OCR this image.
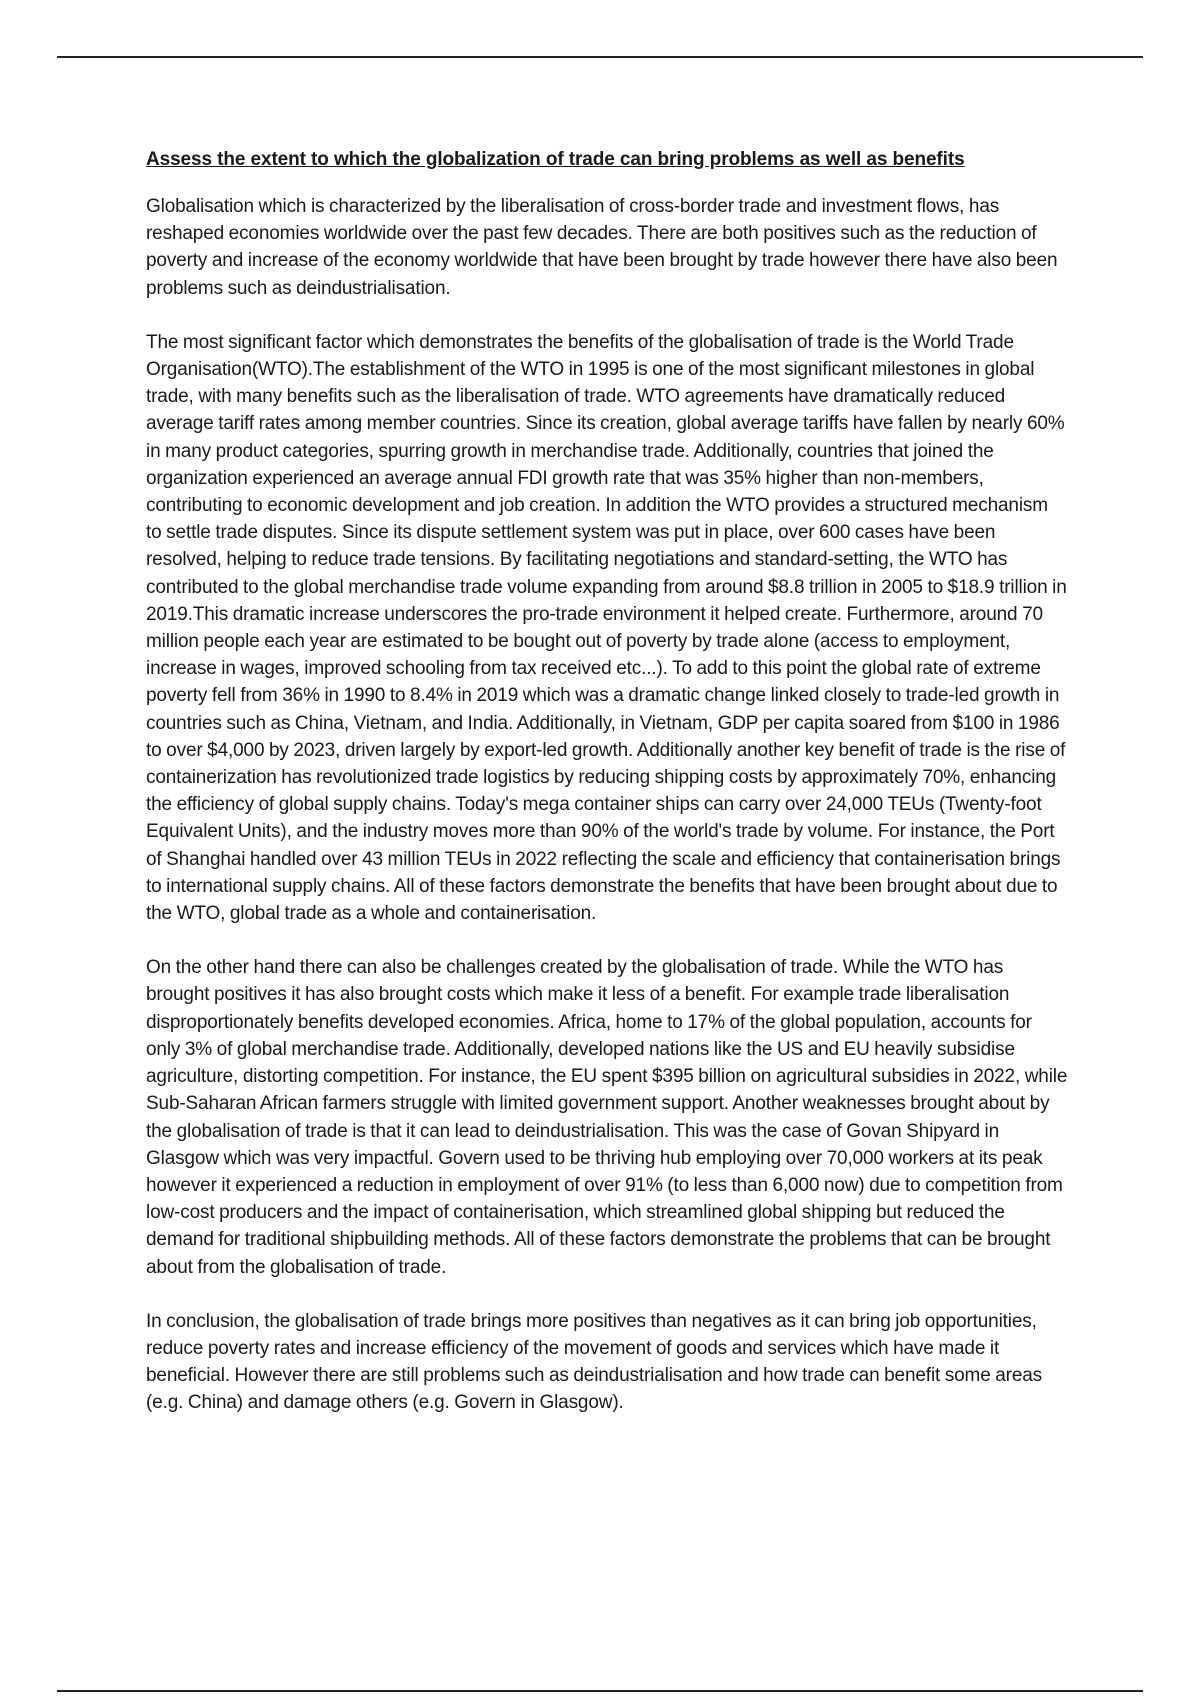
Assess the extent to which the globalization of trade can bring problems as well as benefits

Globalisation which is characterized by the liberalisation of cross-border trade and investment flows, has reshaped economies worldwide over the past few decades. There are both positives such as the reduction of poverty and increase of the economy worldwide that have been brought by trade however there have also been problems such as deindustrialisation.

The most significant factor which demonstrates the benefits of the globalisation of trade is the World Trade Organisation(WTO).The establishment of the WTO in 1995 is one of the most significant milestones in global trade, with many benefits such as the liberalisation of trade. WTO agreements have dramatically reduced average tariff rates among member countries. Since its creation, global average tariffs have fallen by nearly 60% in many product categories, spurring growth in merchandise trade. Additionally, countries that joined the organization experienced an average annual FDI growth rate that was 35% higher than non-members, contributing to economic development and job creation. In addition the WTO provides a structured mechanism to settle trade disputes. Since its dispute settlement system was put in place, over 600 cases have been resolved, helping to reduce trade tensions. By facilitating negotiations and standard-setting, the WTO has contributed to the global merchandise trade volume expanding from around $8.8 trillion in 2005 to $18.9 trillion in 2019.This dramatic increase underscores the pro-trade environment it helped create. Furthermore, around 70 million people each year are estimated to be bought out of poverty by trade alone (access to employment, increase in wages, improved schooling from tax received etc...). To add to this point the global rate of extreme poverty fell from 36% in 1990 to 8.4% in 2019 which was a dramatic change linked closely to trade-led growth in countries such as China, Vietnam, and India. Additionally, in Vietnam, GDP per capita soared from $100 in 1986 to over $4,000 by 2023, driven largely by export-led growth. Additionally another key benefit of trade is the rise of containerization has revolutionized trade logistics by reducing shipping costs by approximately 70%, enhancing the efficiency of global supply chains. Today's mega container ships can carry over 24,000 TEUs (Twenty-foot Equivalent Units), and the industry moves more than 90% of the world's trade by volume. For instance, the Port of Shanghai handled over 43 million TEUs in 2022 reflecting the scale and efficiency that containerisation brings to international supply chains. All of these factors demonstrate the benefits that have been brought about due to the WTO, global trade as a whole and containerisation.

On the other hand there can also be challenges created by the globalisation of trade. While the WTO has brought positives it has also brought costs which make it less of a benefit. For example trade liberalisation disproportionately benefits developed economies. Africa, home to 17% of the global population, accounts for only 3% of global merchandise trade. Additionally, developed nations like the US and EU heavily subsidise agriculture, distorting competition. For instance, the EU spent $395 billion on agricultural subsidies in 2022, while Sub-Saharan African farmers struggle with limited government support. Another weaknesses brought about by the globalisation of trade is that it can lead to deindustrialisation. This was the case of Govan Shipyard in Glasgow which was very impactful. Govern used to be thriving hub employing over 70,000 workers at its peak however it experienced a reduction in employment of over 91% (to less than 6,000 now) due to competition from low-cost producers and the impact of containerisation, which streamlined global shipping but reduced the demand for traditional shipbuilding methods. All of these factors demonstrate the problems that can be brought about from the globalisation of trade.

In conclusion, the globalisation of trade brings more positives than negatives as it can bring job opportunities, reduce poverty rates and increase efficiency of the movement of goods and services which have made it beneficial. However there are still problems such as deindustrialisation and how trade can benefit some areas (e.g. China) and damage others (e.g. Govern in Glasgow).
